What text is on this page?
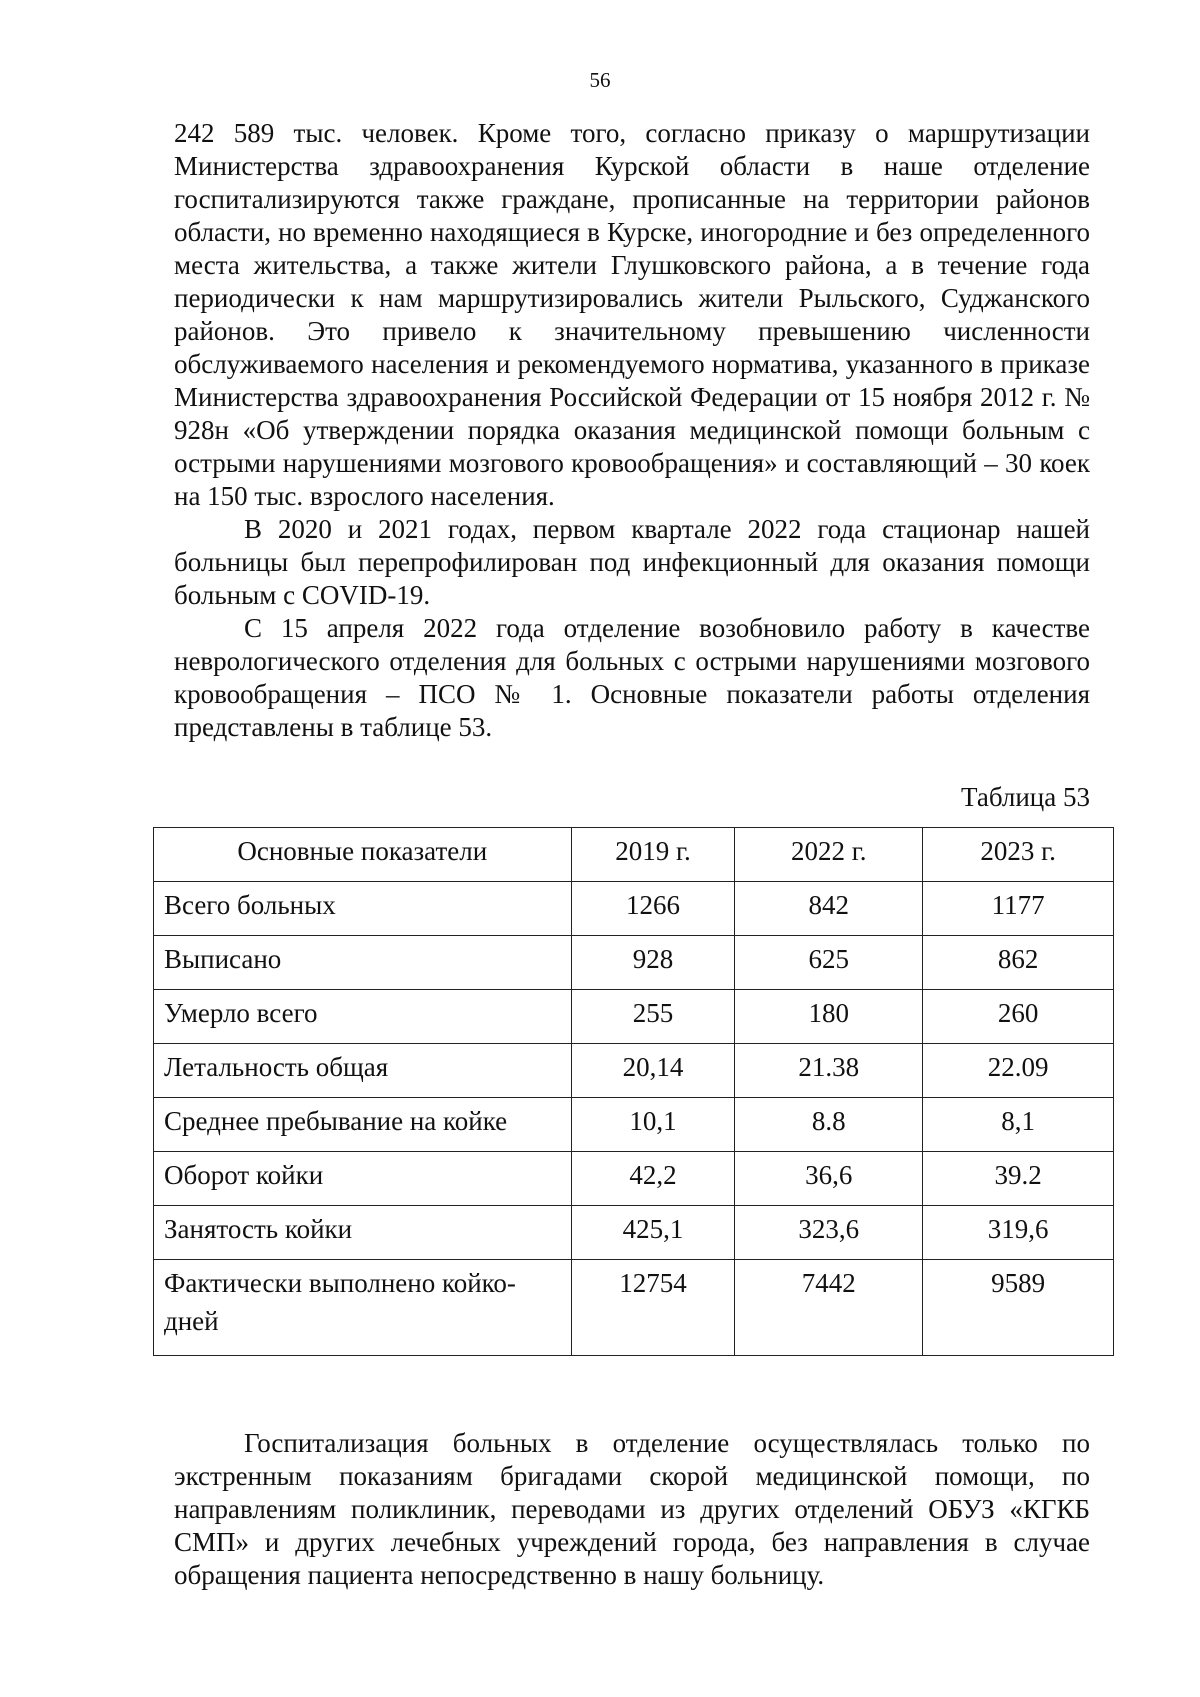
56

242 589 тыс. человек. Кроме того, согласно приказу о маршрутизации Министерства здравоохранения Курской области в наше отделение госпитализируются также граждане, прописанные на территории районов области, но временно находящиеся в Курске, иногородние и без определенного места жительства, а также жители Глушковского района, а в течение года периодически к нам маршрутизировались жители Рыльского, Суджанского районов. Это привело к значительному превышению численности обслуживаемого населения и рекомендуемого норматива, указанного в приказе Министерства здравоохранения Российской Федерации от 15 ноября 2012 г. № 928н «Об утверждении порядка оказания медицинской помощи больным с острыми нарушениями мозгового кровообращения» и составляющий – 30 коек на 150 тыс. взрослого населения.

В 2020 и 2021 годах, первом квартале 2022 года стационар нашей больницы был перепрофилирован под инфекционный для оказания помощи больным с COVID-19.

С 15 апреля 2022 года отделение возобновило работу в качестве неврологического отделения для больных с острыми нарушениями мозгового кровообращения – ПСО № 1. Основные показатели работы отделения представлены в таблице 53.

Таблица 53
Основные показатели	2019 г.	2022 г.	2023 г.
Всего больных	1266	842	1177
Выписано	928	625	862
Умерло всего	255	180	260
Летальность общая	20,14	21.38	22.09
Среднее пребывание на койке	10,1	8.8	8,1
Оборот койки	42,2	36,6	39.2
Занятость койки	425,1	323,6	319,6
Фактически выполнено койко-дней	12754	7442	9589

Госпитализация больных в отделение осуществлялась только по экстренным показаниям бригадами скорой медицинской помощи, по направлениям поликлиник, переводами из других отделений ОБУЗ «КГКБ СМП» и других лечебных учреждений города, без направления в случае обращения пациента непосредственно в нашу больницу.
